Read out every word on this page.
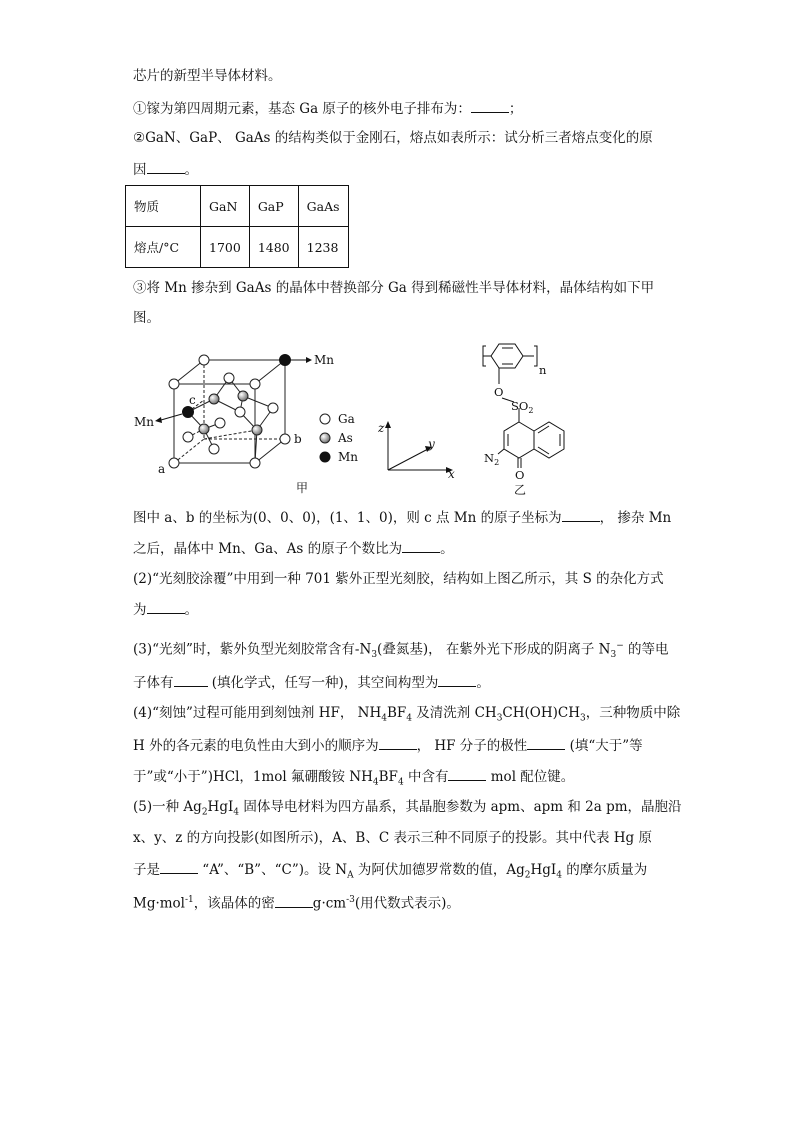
芯片的新型半导体材料。
①镓为第四周期元素，基态 Ga 原子的核外电子排布为：	；
②GaN、GaP、 GaAs 的结构类似于金刚石，熔点如表所示：试分析三者熔点变化的原
因	。
物质	GaN	GaP	GaAs
熔点/°C	1700	1480	1238
③将 Mn 掺杂到 GaAs 的晶体中替换部分 Ga 得到稀磁性半导体材料，晶体结构如下甲
图。
Mn
Mn
c
a
b
Ga
As
Mn
甲
z
y
x
n
O
$SO_2$
$N_2$
O
乙
图中 a、b 的坐标为(0、0、0)，(1、1、0)，则 c 点 Mn 的原子坐标为	， 掺杂 Mn
之后，晶体中 Mn、Ga、As 的原子个数比为	。
(2)“光刻胶涂覆”中用到一种 701 紫外正型光刻胶，结构如上图乙所示，其 S 的杂化方式
为	。
(3)“光刻”时，紫外负型光刻胶常含有$-N_3$(叠氮基)， 在紫外光下形成的阴离子 $N_3^-$ 的等电
子体有	(填化学式，任写一种)，其空间构型为	。
(4)“刻蚀”过程可能用到刻蚀剂 HF， $NH_4BF_4$ 及清洗剂 $CH_3CH(OH)CH_3$，三种物质中除
H 外的各元素的电负性由大到小的顺序为	， HF 分子的极性	(填“大于”等
于”或“小于”)HCl，1mol 氟硼酸铵 $NH_4BF_4$ 中含有	mol 配位键。
(5)一种 $Ag_2HgI_4$ 固体导电材料为四方晶系，其晶胞参数为 apm、apm 和 2a pm，晶胞沿
x、y、z 的方向投影(如图所示)，A、B、C 表示三种不同原子的投影。其中代表 Hg 原
子是	“A”、“B”、“C”)。设 $N_A$ 为阿伏加德罗常数的值，$Ag_2HgI_4$ 的摩尔质量为
Mg·mol$^{-1}$，该晶体的密	$g\cdot cm^{-3}$(用代数式表示)。
